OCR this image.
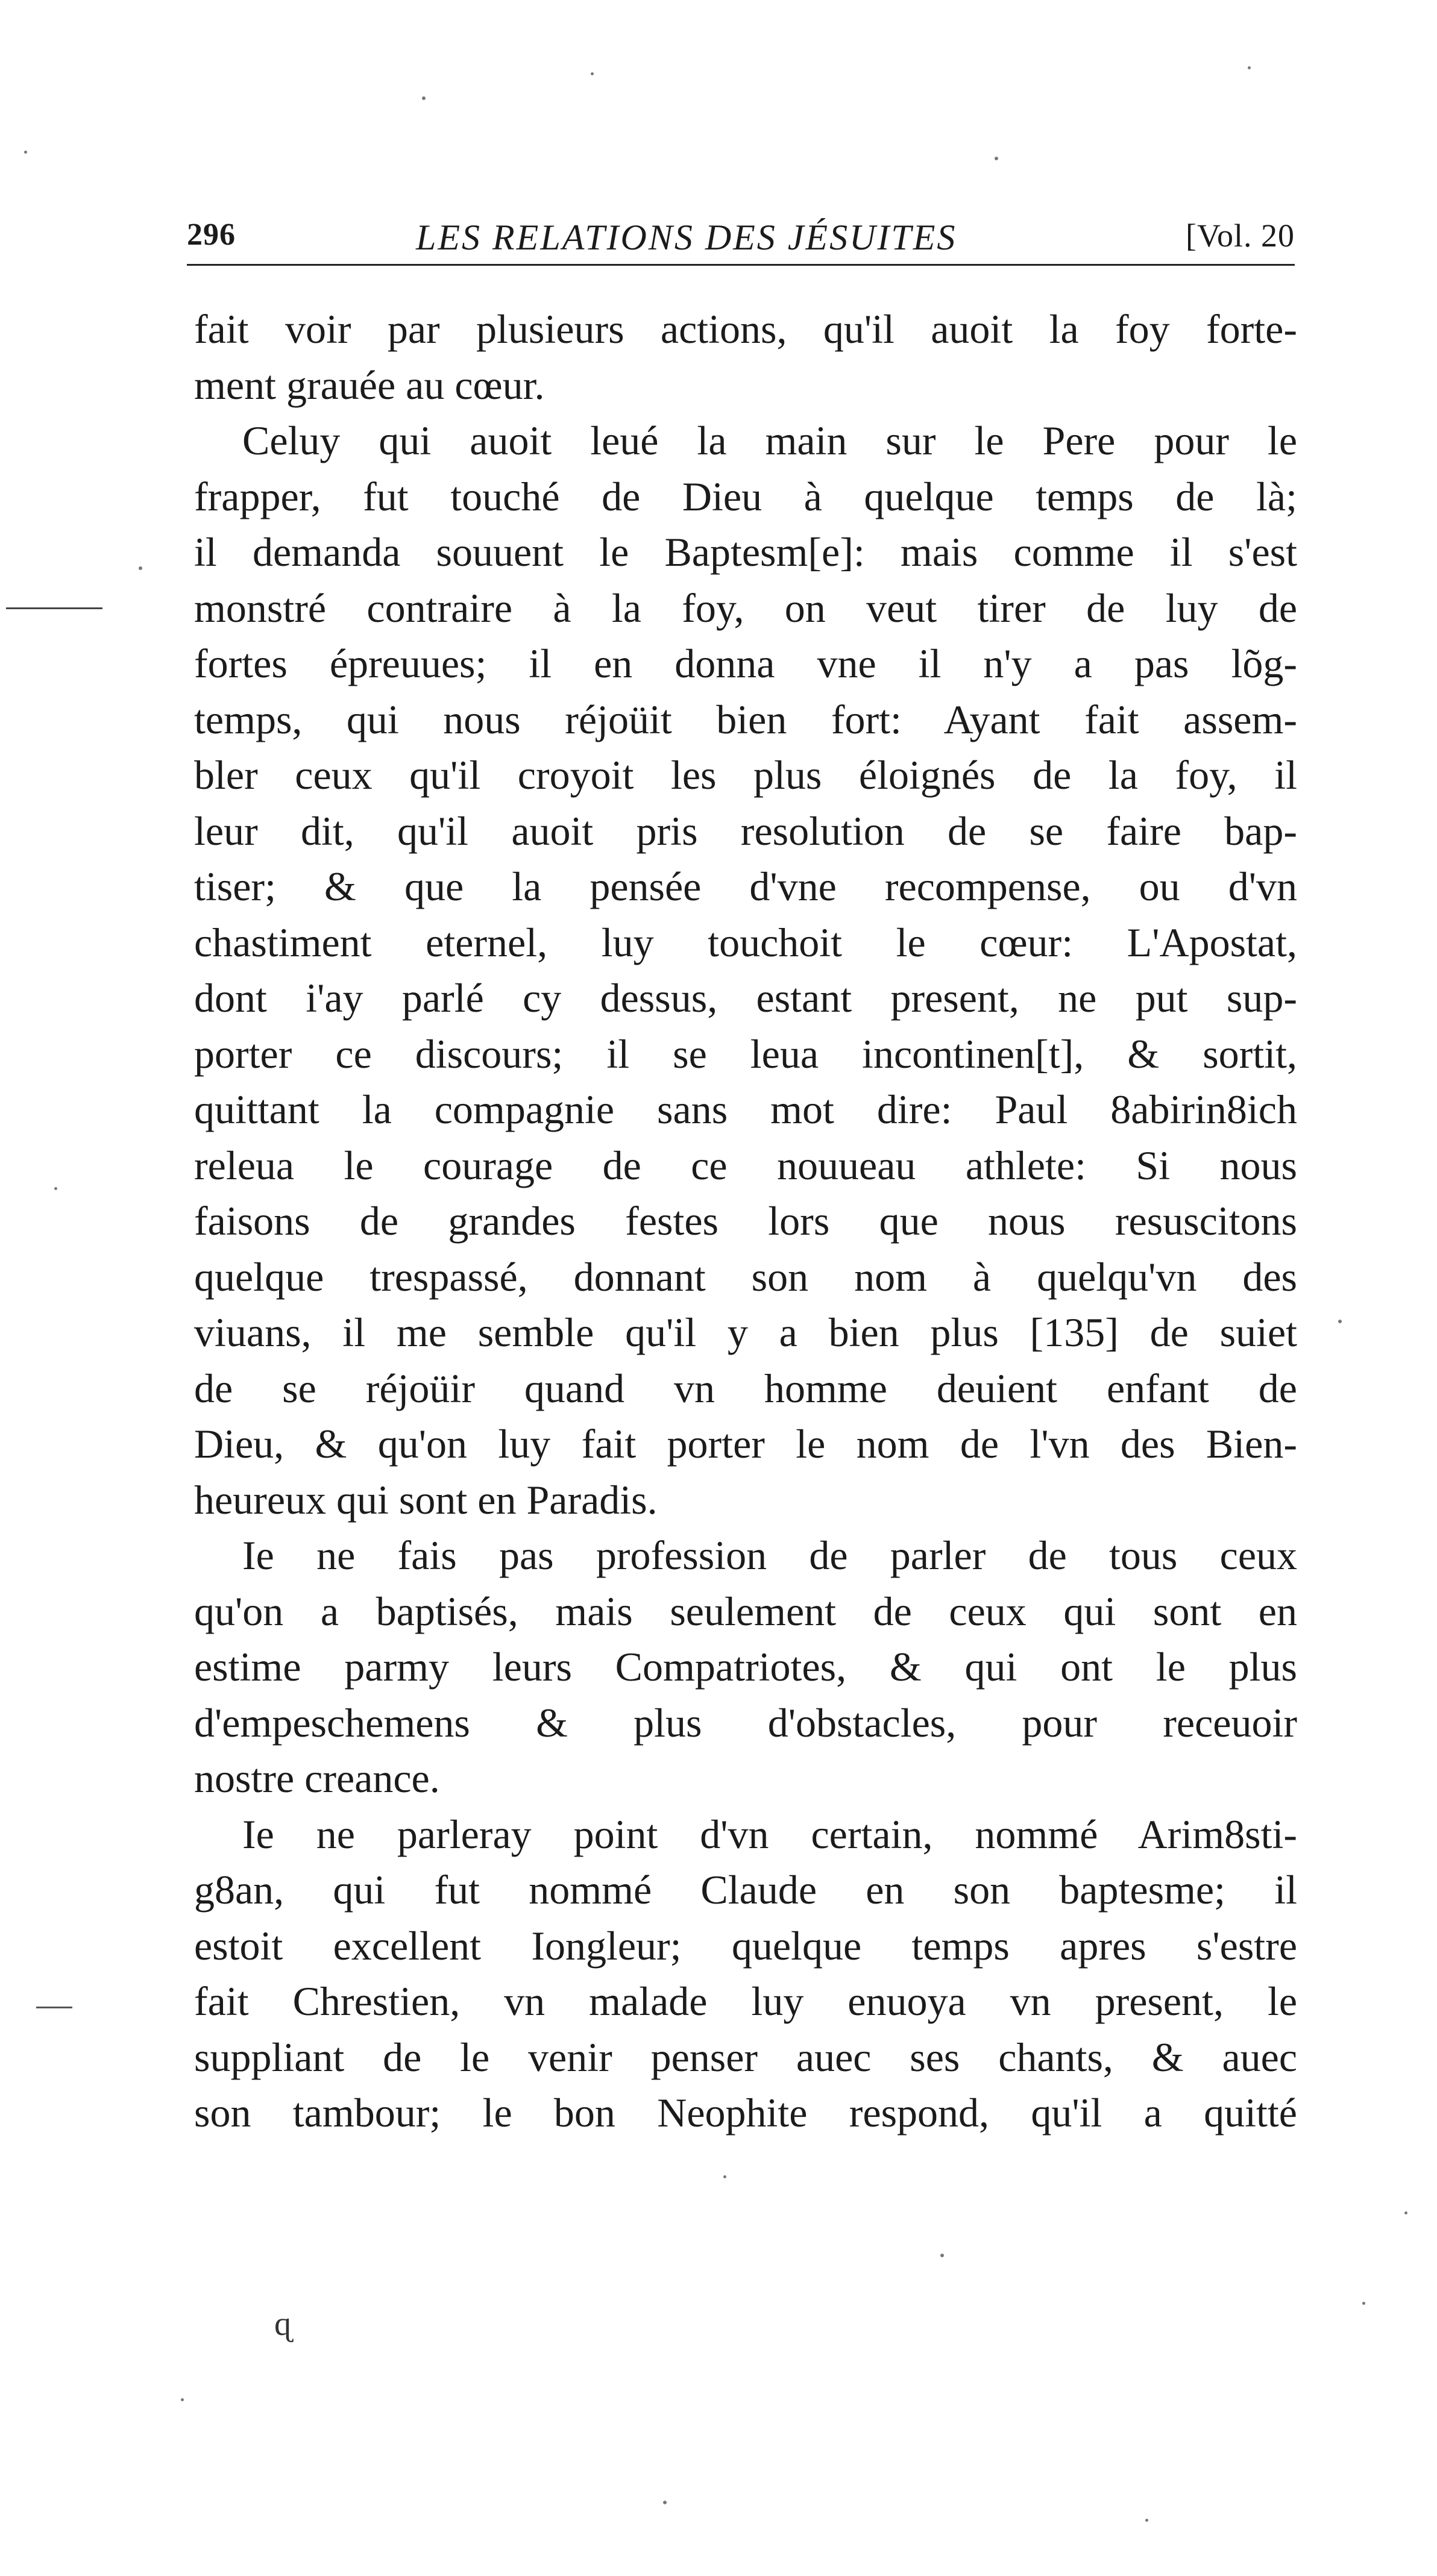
296	LES RELATIONS DES JÉSUITES	[Vol. 20
fait voir par plusieurs actions, qu'il auoit la foy forte-
ment grauée au cœur.
Celuy qui auoit leué la main sur le Pere pour le
frapper, fut touché de Dieu à quelque temps de là;
il demanda souuent le Baptesm[e]: mais comme il s'est
monstré contraire à la foy, on veut tirer de luy de
fortes épreuues; il en donna vne il n'y a pas lõg-
temps, qui nous réjoüit bien fort: Ayant fait assem-
bler ceux qu'il croyoit les plus éloignés de la foy, il
leur dit, qu'il auoit pris resolution de se faire bap-
tiser; & que la pensée d'vne recompense, ou d'vn
chastiment eternel, luy touchoit le cœur: L'Apostat,
dont i'ay parlé cy dessus, estant present, ne put sup-
porter ce discours; il se leua incontinen[t], & sortit,
quittant la compagnie sans mot dire: Paul 8abirin8ich
releua le courage de ce nouueau athlete: Si nous
faisons de grandes festes lors que nous resuscitons
quelque trespassé, donnant son nom à quelqu'vn des
viuans, il me semble qu'il y a bien plus [135] de suiet
de se réjoüir quand vn homme deuient enfant de
Dieu, & qu'on luy fait porter le nom de l'vn des Bien-
heureux qui sont en Paradis.
Ie ne fais pas profession de parler de tous ceux
qu'on a baptisés, mais seulement de ceux qui sont en
estime parmy leurs Compatriotes, & qui ont le plus
d'empeschemens & plus d'obstacles, pour receuoir
nostre creance.
Ie ne parleray point d'vn certain, nommé Arim8sti-
g8an, qui fut nommé Claude en son baptesme; il
estoit excellent Iongleur; quelque temps apres s'estre
fait Chrestien, vn malade luy enuoya vn present, le
suppliant de le venir penser auec ses chants, & auec
son tambour; le bon Neophite respond, qu'il a quitté
ɋ
